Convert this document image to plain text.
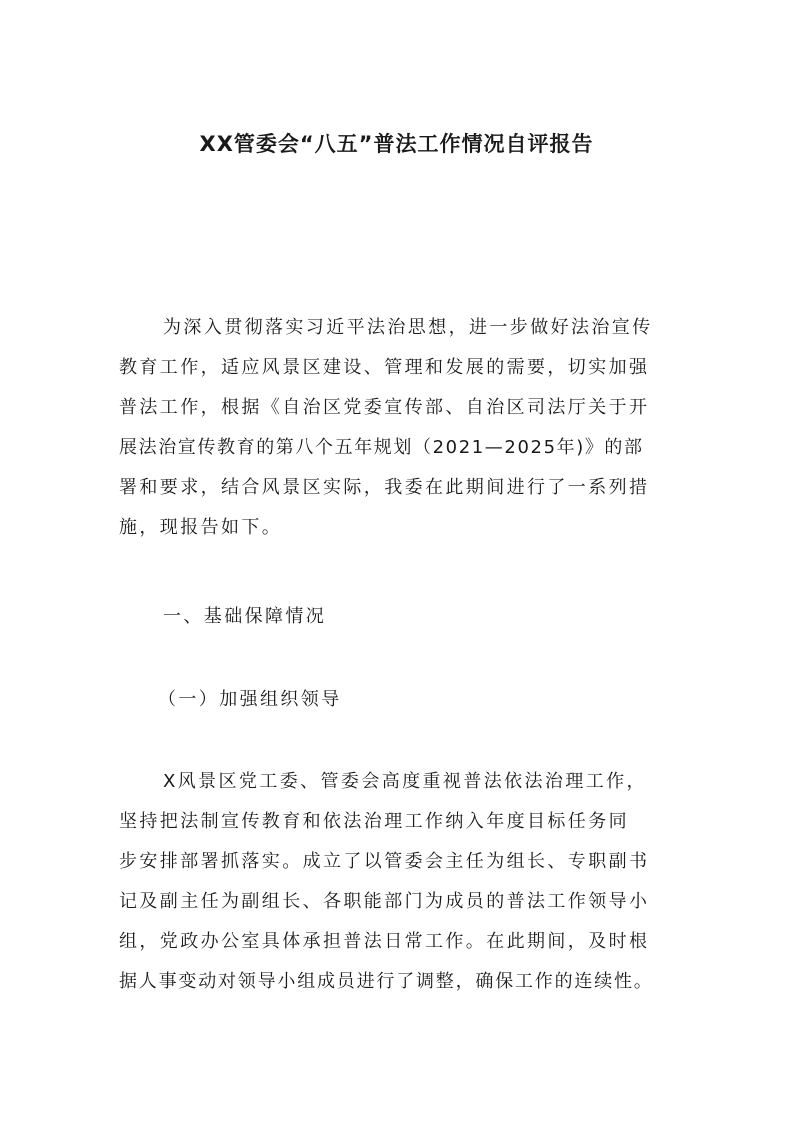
XX管委会“八五”普法工作情况自评报告

为深入贯彻落实习近平法治思想，进一步做好法治宣传

教育工作，适应风景区建设、管理和发展的需要，切实加强

普法工作，根据《自治区党委宣传部、自治区司法厅关于开

展法治宣传教育的第八个五年规划（2021—2025年)》的部

署和要求，结合风景区实际，我委在此期间进行了一系列措

施，现报告如下。

一、基础保障情况

（一）加强组织领导

X风景区党工委、管委会高度重视普法依法治理工作，

坚持把法制宣传教育和依法治理工作纳入年度目标任务同

步安排部署抓落实。成立了以管委会主任为组长、专职副书

记及副主任为副组长、各职能部门为成员的普法工作领导小

组，党政办公室具体承担普法日常工作。在此期间，及时根

据人事变动对领导小组成员进行了调整，确保工作的连续性。
